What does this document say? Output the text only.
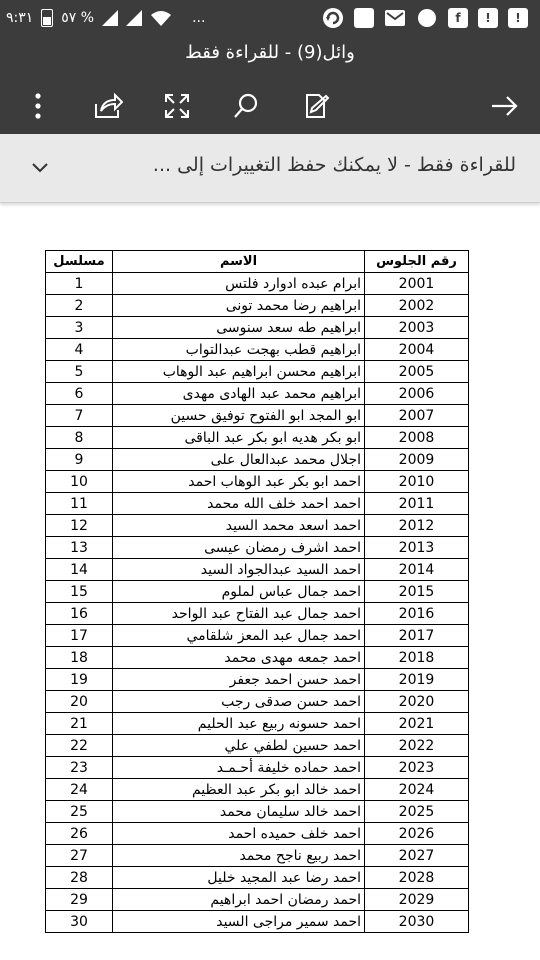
٩:٣١ ٥٧ %	...	f	!	!
وائل(9) - للقراءة فقط
للقراءة فقط - لا يمكنك حفظ التغييرات إلى ...
مسلسل	الاسم	رقم الجلوس
1	ابرام عبده ادوارد فلتس	2001
2	ابراهيم رضا محمد تونى	2002
3	ابراهيم طه سعد سنوسى	2003
4	ابراهيم قطب بهجت عبدالتواب	2004
5	ابراهيم محسن ابراهيم عبد الوهاب	2005
6	ابراهيم محمد عبد الهادى مهدى	2006
7	ابو المجد ابو الفتوح توفيق حسين	2007
8	ابو بكر هديه ابو بكر عبد الباقى	2008
9	اجلال محمد عبدالعال على	2009
10	احمد ابو بكر عبد الوهاب احمد	2010
11	احمد احمد خلف الله محمد	2011
12	احمد اسعد محمد السيد	2012
13	احمد اشرف رمضان عيسى	2013
14	احمد السيد عبدالجواد السيد	2014
15	احمد جمال عباس لملوم	2015
16	احمد جمال عبد الفتاح عبد الواحد	2016
17	احمد جمال عبد المعز شلقامي	2017
18	احمد جمعه مهدى محمد	2018
19	احمد حسن احمد جعفر	2019
20	احمد حسن صدقى رجب	2020
21	احمد حسونه ربيع عبد الحليم	2021
22	احمد حسين لطفي علي	2022
23	احمد حماده خليفة أحـمـد	2023
24	احمد خالد ابو بكر عبد العظيم	2024
25	احمد خالد سليمان محمد	2025
26	احمد خلف حميده احمد	2026
27	احمد ربيع ناجح محمد	2027
28	احمد رضا عبد المجيد خليل	2028
29	احمد رمضان احمد ابراهيم	2029
30	احمد سمير مراجى السيد	2030
